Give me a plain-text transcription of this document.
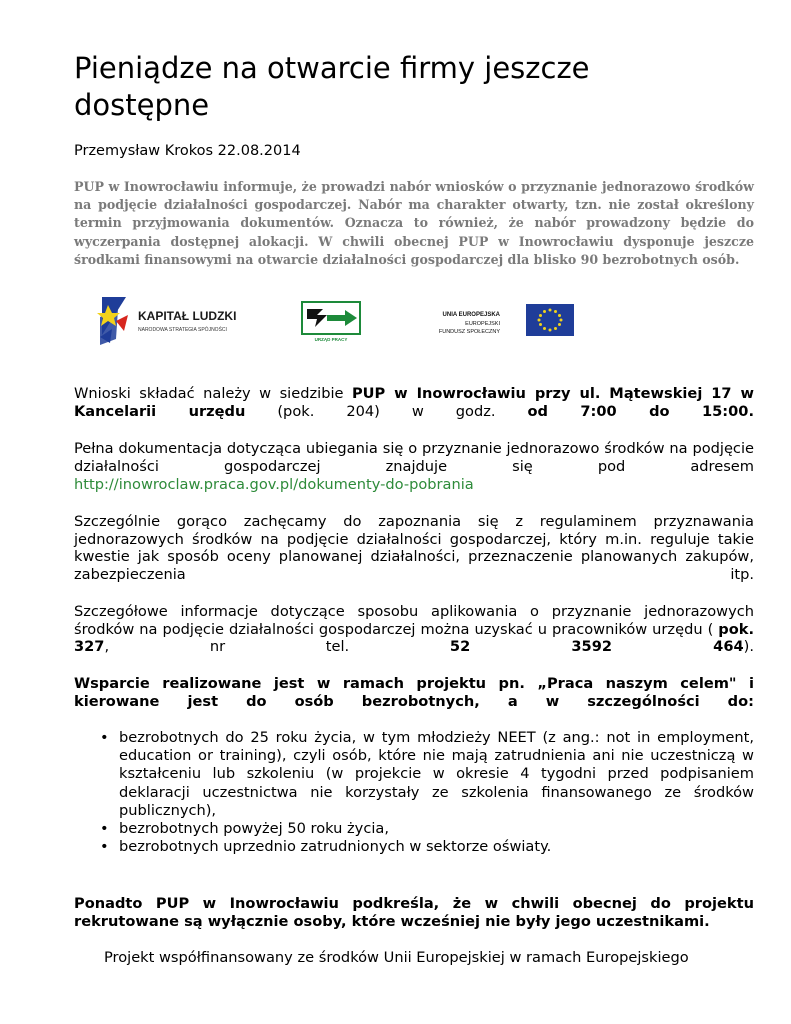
Pieniądze na otwarcie firmy jeszcze dostępne
Przemysław Krokos 22.08.2014
PUP w Inowrocławiu informuje, że prowadzi nabór wniosków o przyznanie jednorazowo środków na podjęcie działalności gospodarczej. Nabór ma charakter otwarty, tzn. nie został określony termin przyjmowania dokumentów. Oznacza to również, że nabór prowadzony będzie do wyczerpania dostępnej alokacji. W chwili obecnej PUP w Inowrocławiu dysponuje jeszcze środkami finansowymi na otwarcie działalności gospodarczej dla blisko 90 bezrobotnych osób.
KAPITAŁ LUDZKI
NARODOWA STRATEGIA SPÓJNOŚCI
URZĄD PRACY
UNIA EUROPEJSKA
EUROPEJSKI
FUNDUSZ SPOŁECZNY
Wnioski składać należy w siedzibie PUP w Inowrocławiu przy ul. Mątewskiej 17 w Kancelarii urzędu (pok. 204) w godz. od 7:00 do 15:00.
Pełna dokumentacja dotycząca ubiegania się o przyznanie jednorazowo środków na podjęcie działalności gospodarczej znajduje się pod adresem
http://inowroclaw.praca.gov.pl/dokumenty-do-pobrania
Szczególnie gorąco zachęcamy do zapoznania się z regulaminem przyznawania jednorazowych środków na podjęcie działalności gospodarczej, który m.in. reguluje takie kwestie jak sposób oceny planowanej działalności, przeznaczenie planowanych zakupów, zabezpieczenia itp.
Szczegółowe informacje dotyczące sposobu aplikowania o przyznanie jednorazowych środków na podjęcie działalności gospodarczej można uzyskać u pracowników urzędu ( pok. 327, nr tel. 52 3592 464).
Wsparcie realizowane jest w ramach projektu pn. „Praca naszym celem" i kierowane jest do osób bezrobotnych, a w szczególności do:
• bezrobotnych do 25 roku życia, w tym młodzieży NEET (z ang.: not in employment, education or training), czyli osób, które nie mają zatrudnienia ani nie uczestniczą w kształceniu lub szkoleniu (w projekcie w okresie 4 tygodni przed podpisaniem deklaracji uczestnictwa nie korzystały ze szkolenia finansowanego ze środków publicznych),
• bezrobotnych powyżej 50 roku życia,
• bezrobotnych uprzednio zatrudnionych w sektorze oświaty.
Ponadto PUP w Inowrocławiu podkreśla, że w chwili obecnej do projektu rekrutowane są wyłącznie osoby, które wcześniej nie były jego uczestnikami.
Projekt współfinansowany ze środków Unii Europejskiej w ramach Europejskiego
